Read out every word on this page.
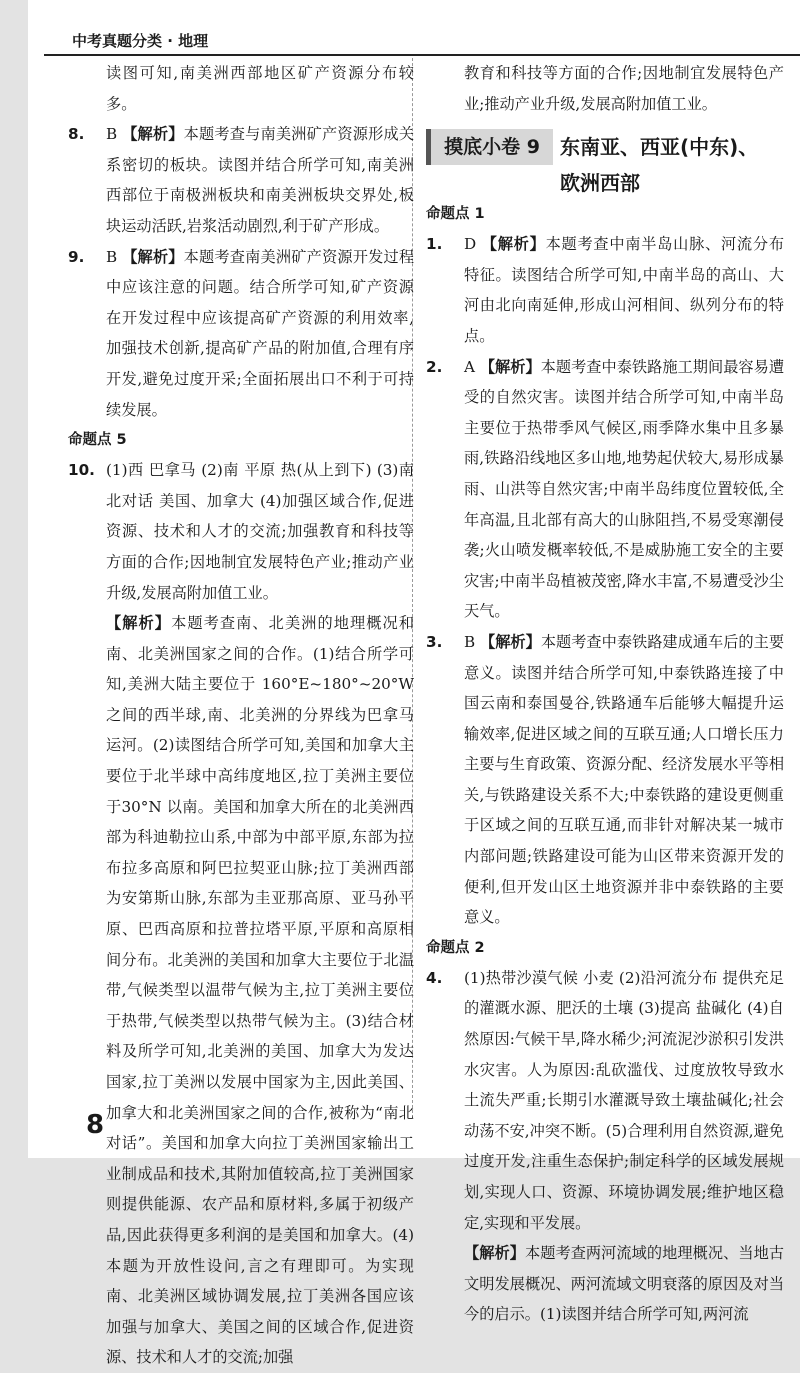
中考真题分类 · 地理

读图可知,南美洲西部地区矿产资源分布较多。

8. B 【解析】本题考查与南美洲矿产资源形成关系密切的板块。读图并结合所学可知,南美洲西部位于南极洲板块和南美洲板块交界处,板块运动活跃,岩浆活动剧烈,利于矿产形成。

9. B 【解析】本题考查南美洲矿产资源开发过程中应该注意的问题。结合所学可知,矿产资源在开发过程中应该提高矿产资源的利用效率,加强技术创新,提高矿产品的附加值,合理有序开发,避免过度开采;全面拓展出口不利于可持续发展。

命题点 5

10. (1)西 巴拿马 (2)南 平原 热(从上到下) (3)南北对话 美国、加拿大 (4)加强区域合作,促进资源、技术和人才的交流;加强教育和科技等方面的合作;因地制宜发展特色产业;推动产业升级,发展高附加值工业。

【解析】本题考查南、北美洲的地理概况和南、北美洲国家之间的合作。(1)结合所学可知,美洲大陆主要位于 160°E~180°~20°W 之间的西半球,南、北美洲的分界线为巴拿马运河。(2)读图结合所学可知,美国和加拿大主要位于北半球中高纬度地区,拉丁美洲主要位于30°N 以南。美国和加拿大所在的北美洲西部为科迪勒拉山系,中部为中部平原,东部为拉布拉多高原和阿巴拉契亚山脉;拉丁美洲西部为安第斯山脉,东部为圭亚那高原、亚马孙平原、巴西高原和拉普拉塔平原,平原和高原相间分布。北美洲的美国和加拿大主要位于北温带,气候类型以温带气候为主,拉丁美洲主要位于热带,气候类型以热带气候为主。(3)结合材料及所学可知,北美洲的美国、加拿大为发达国家,拉丁美洲以发展中国家为主,因此美国、加拿大和北美洲国家之间的合作,被称为“南北对话”。美国和加拿大向拉丁美洲国家输出工业制成品和技术,其附加值较高,拉丁美洲国家则提供能源、农产品和原材料,多属于初级产品,因此获得更多利润的是美国和加拿大。(4)本题为开放性设问,言之有理即可。为实现南、北美洲区域协调发展,拉丁美洲各国应该加强与加拿大、美国之间的区域合作,促进资源、技术和人才的交流;加强

教育和科技等方面的合作;因地制宜发展特色产业;推动产业升级,发展高附加值工业。

摸底小卷 9	东南亚、西亚(中东)、
欧洲西部
命题点 1

1. D 【解析】本题考查中南半岛山脉、河流分布特征。读图结合所学可知,中南半岛的高山、大河由北向南延伸,形成山河相间、纵列分布的特点。

2. A 【解析】本题考查中泰铁路施工期间最容易遭受的自然灾害。读图并结合所学可知,中南半岛主要位于热带季风气候区,雨季降水集中且多暴雨,铁路沿线地区多山地,地势起伏较大,易形成暴雨、山洪等自然灾害;中南半岛纬度位置较低,全年高温,且北部有高大的山脉阻挡,不易受寒潮侵袭;火山喷发概率较低,不是威胁施工安全的主要灾害;中南半岛植被茂密,降水丰富,不易遭受沙尘天气。

3. B 【解析】本题考查中泰铁路建成通车后的主要意义。读图并结合所学可知,中泰铁路连接了中国云南和泰国曼谷,铁路通车后能够大幅提升运输效率,促进区域之间的互联互通;人口增长压力主要与生育政策、资源分配、经济发展水平等相关,与铁路建设关系不大;中泰铁路的建设更侧重于区域之间的互联互通,而非针对解决某一城市内部问题;铁路建设可能为山区带来资源开发的便利,但开发山区土地资源并非中泰铁路的主要意义。

命题点 2

4. (1)热带沙漠气候 小麦 (2)沿河流分布 提供充足的灌溉水源、肥沃的土壤 (3)提高 盐碱化 (4)自然原因:气候干旱,降水稀少;河流泥沙淤积引发洪水灾害。人为原因:乱砍滥伐、过度放牧导致水土流失严重;长期引水灌溉导致土壤盐碱化;社会动荡不安,冲突不断。(5)合理利用自然资源,避免过度开发,注重生态保护;制定科学的区域发展规划,实现人口、资源、环境协调发展;维护地区稳定,实现和平发展。

【解析】本题考查两河流域的地理概况、当地古文明发展概况、两河流域文明衰落的原因及对当今的启示。(1)读图并结合所学可知,两河流

8
